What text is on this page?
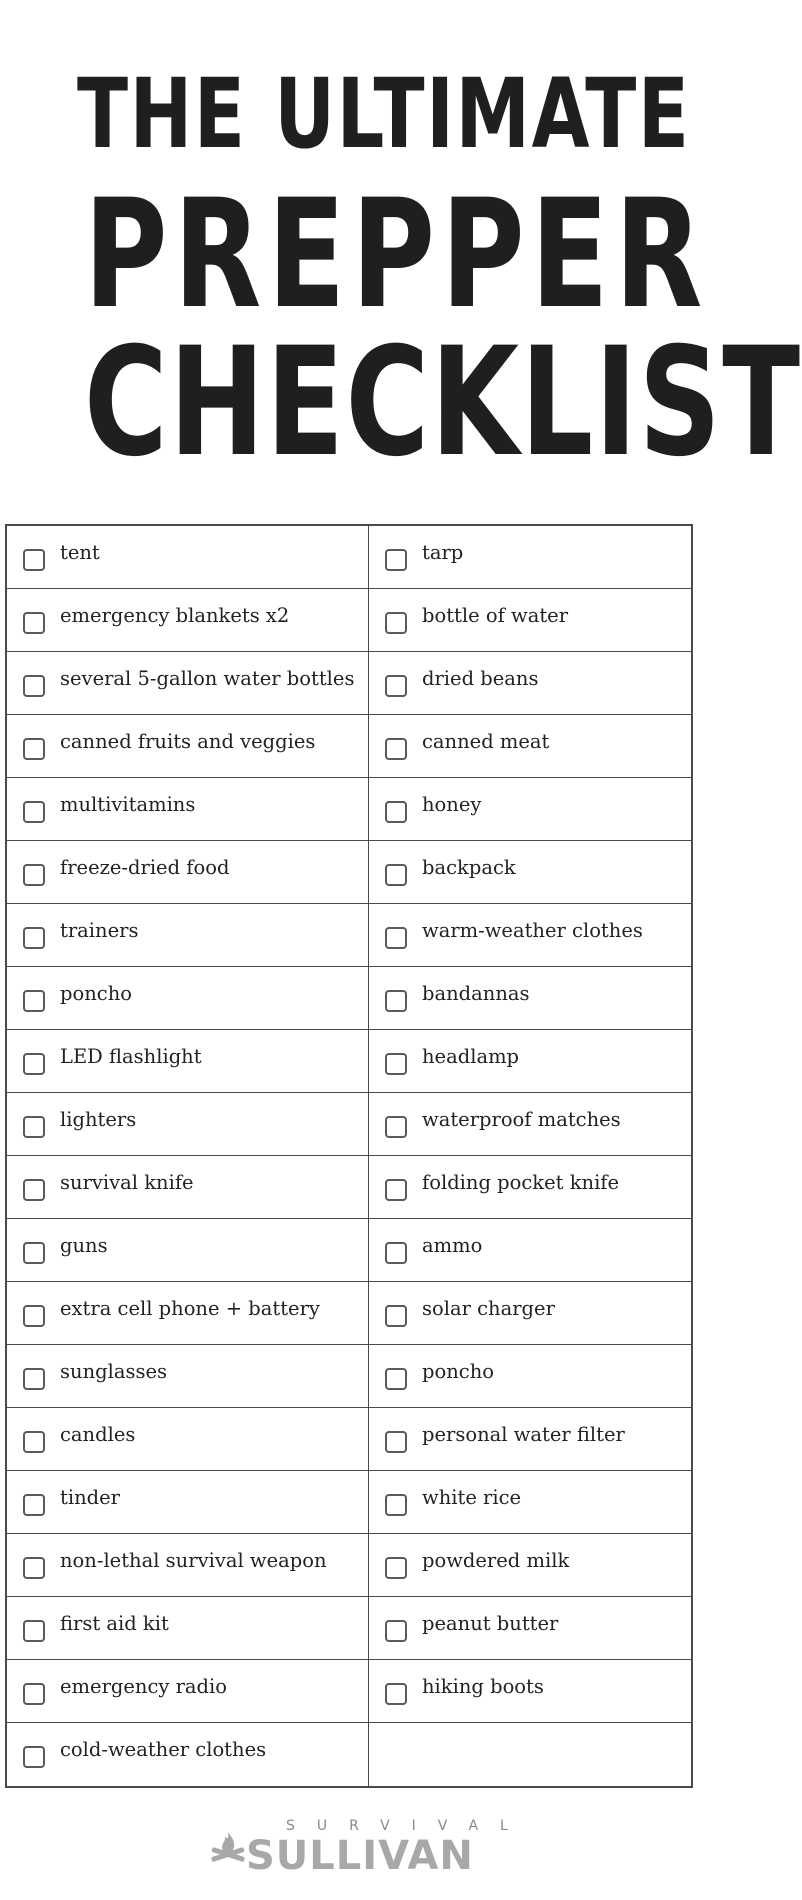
THE ULTIMATE
PREPPER
CHECKLIST
tent	tarp
emergency blankets x2	bottle of water
several 5-gallon water bottles	dried beans
canned fruits and veggies	canned meat
multivitamins	honey
freeze-dried food	backpack
trainers	warm-weather clothes
poncho	bandannas
LED flashlight	headlamp
lighters	waterproof matches
survival knife	folding pocket knife
guns	ammo
extra cell phone + battery	solar charger
sunglasses	poncho
candles	personal water filter
tinder	white rice
non-lethal survival weapon	powdered milk
first aid kit	peanut butter
emergency radio	hiking boots
cold-weather clothes
SURVIVAL
SULLIVAN
